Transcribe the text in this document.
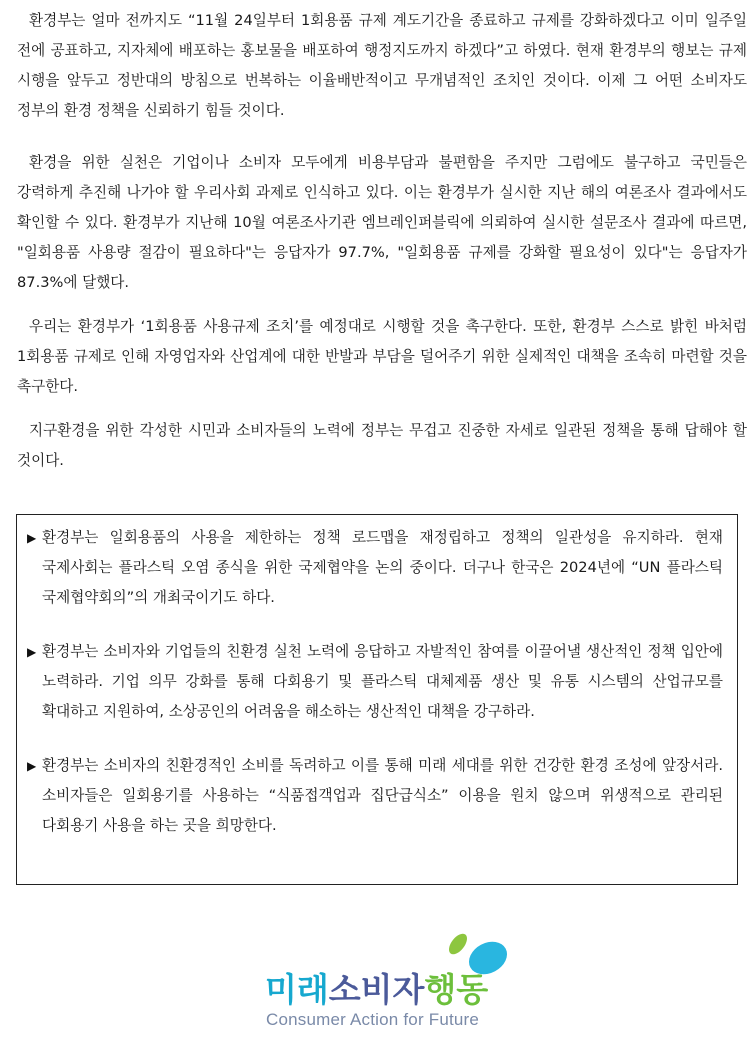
환경부는 얼마 전까지도 “11월 24일부터 1회용품 규제 계도기간을 종료하고 규제를 강화하겠다고 이미 일주일 전에 공표하고, 지자체에 배포하는 홍보물을 배포하여 행정지도까지 하겠다”고 하였다. 현재 환경부의 행보는 규제 시행을 앞두고 정반대의 방침으로 번복하는 이율배반적이고 무개념적인 조치인 것이다. 이제 그 어떤 소비자도 정부의 환경 정책을 신뢰하기 힘들 것이다.

환경을 위한 실천은 기업이나 소비자 모두에게 비용부담과 불편함을 주지만 그럼에도 불구하고 국민들은 강력하게 추진해 나가야 할 우리사회 과제로 인식하고 있다. 이는 환경부가 실시한 지난 해의 여론조사 결과에서도 확인할 수 있다. 환경부가 지난해 10월 여론조사기관 엠브레인퍼블릭에 의뢰하여 실시한 설문조사 결과에 따르면, "일회용품 사용량 절감이 필요하다"는 응답자가 97.7%, "일회용품 규제를 강화할 필요성이 있다"는 응답자가 87.3%에 달했다.

우리는 환경부가 ‘1회용품 사용규제 조치’를 예정대로 시행할 것을 촉구한다. 또한, 환경부 스스로 밝힌 바처럼 1회용품 규제로 인해 자영업자와 산업계에 대한 반발과 부담을 덜어주기 위한 실제적인 대책을 조속히 마련할 것을 촉구한다.

지구환경을 위한 각성한 시민과 소비자들의 노력에 정부는 무겁고 진중한 자세로 일관된 정책을 통해 답해야 할 것이다.

▶ 환경부는 일회용품의 사용을 제한하는 정책 로드맵을 재정립하고 정책의 일관성을 유지하라. 현재 국제사회는 플라스틱 오염 종식을 위한 국제협약을 논의 중이다. 더구나 한국은 2024년에 “UN 플라스틱 국제협약회의”의 개최국이기도 하다.
▶ 환경부는 소비자와 기업들의 친환경 실천 노력에 응답하고 자발적인 참여를 이끌어낼 생산적인 정책 입안에 노력하라. 기업 의무 강화를 통해 다회용기 및 플라스틱 대체제품 생산 및 유통 시스템의 산업규모를 확대하고 지원하여, 소상공인의 어려움을 해소하는 생산적인 대책을 강구하라.
▶ 환경부는 소비자의 친환경적인 소비를 독려하고 이를 통해 미래 세대를 위한 건강한 환경 조성에 앞장서라. 소비자들은 일회용기를 사용하는 “식품접객업과 집단급식소” 이용을 원치 않으며 위생적으로 관리된 다회용기 사용을 하는 곳을 희망한다.
미래소비자행동
Consumer Action for Future
